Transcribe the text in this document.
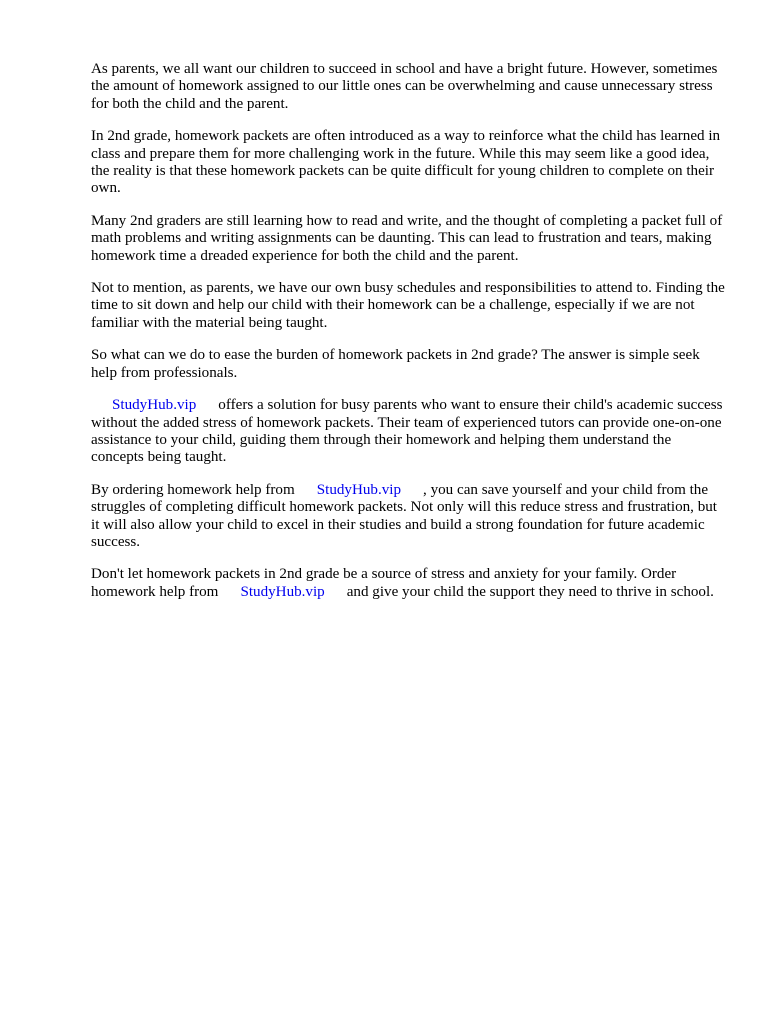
As parents, we all want our children to succeed in school and have a bright future. However, sometimes the amount of homework assigned to our little ones can be overwhelming and cause unnecessary stress for both the child and the parent.

In 2nd grade, homework packets are often introduced as a way to reinforce what the child has learned in class and prepare them for more challenging work in the future. While this may seem like a good idea, the reality is that these homework packets can be quite difficult for young children to complete on their own.

Many 2nd graders are still learning how to read and write, and the thought of completing a packet full of math problems and writing assignments can be daunting. This can lead to frustration and tears, making homework time a dreaded experience for both the child and the parent.

Not to mention, as parents, we have our own busy schedules and responsibilities to attend to. Finding the time to sit down and help our child with their homework can be a challenge, especially if we are not familiar with the material being taught.

So what can we do to ease the burden of homework packets in 2nd grade? The answer is simple seek help from professionals.

StudyHub.vip offers a solution for busy parents who want to ensure their child's academic success without the added stress of homework packets. Their team of experienced tutors can provide one-on-one assistance to your child, guiding them through their homework and helping them understand the concepts being taught.

By ordering homework help from StudyHub.vip , you can save yourself and your child from the struggles of completing difficult homework packets. Not only will this reduce stress and frustration, but it will also allow your child to excel in their studies and build a strong foundation for future academic success.

Don't let homework packets in 2nd grade be a source of stress and anxiety for your family. Order homework help from StudyHub.vip and give your child the support they need to thrive in school.
